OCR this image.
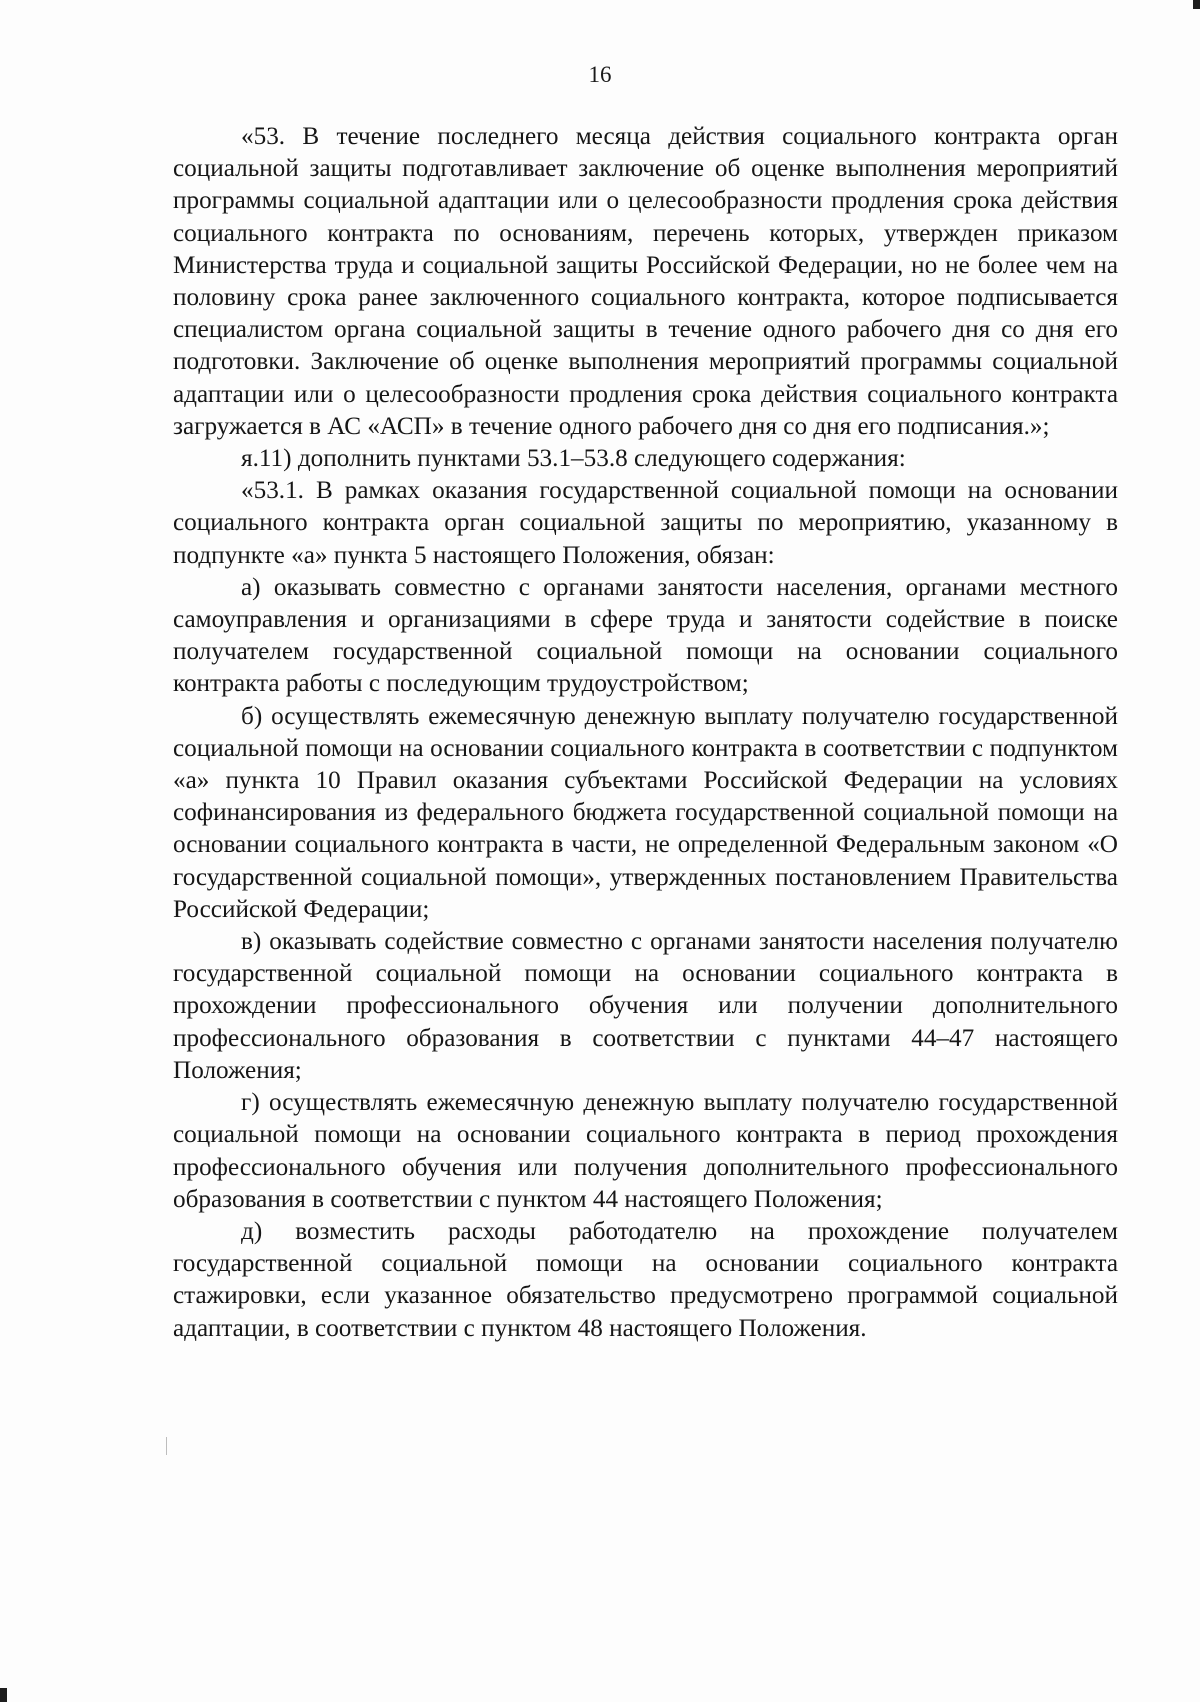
16

«53. В течение последнего месяца действия социального контракта орган социальной защиты подготавливает заключение об оценке выполнения мероприятий программы социальной адаптации или о целесообразности продления срока действия социального контракта по основаниям, перечень которых, утвержден приказом Министерства труда и социальной защиты Российской Федерации, но не более чем на половину срока ранее заключенного социального контракта, которое подписывается специалистом органа социальной защиты в течение одного рабочего дня со дня его подготовки. Заключение об оценке выполнения мероприятий программы социальной адаптации или о целесообразности продления срока действия социального контракта загружается в АС «АСП» в течение одного рабочего дня со дня его подписания.»;

я.11) дополнить пунктами 53.1–53.8 следующего содержания:

«53.1. В рамках оказания государственной социальной помощи на основании социального контракта орган социальной защиты по мероприятию, указанному в подпункте «а» пункта 5 настоящего Положения, обязан:

а) оказывать совместно с органами занятости населения, органами местного самоуправления и организациями в сфере труда и занятости содействие в поиске получателем государственной социальной помощи на основании социального контракта работы с последующим трудоустройством;

б) осуществлять ежемесячную денежную выплату получателю государственной социальной помощи на основании социального контракта в соответствии с подпунктом «а» пункта 10 Правил оказания субъектами Российской Федерации на условиях софинансирования из федерального бюджета государственной социальной помощи на основании социального контракта в части, не определенной Федеральным законом «О государственной социальной помощи», утвержденных постановлением Правительства Российской Федерации;

в) оказывать содействие совместно с органами занятости населения получателю государственной социальной помощи на основании социального контракта в прохождении профессионального обучения или получении дополнительного профессионального образования в соответствии с пунктами 44–47 настоящего Положения;

г) осуществлять ежемесячную денежную выплату получателю государственной социальной помощи на основании социального контракта в период прохождения профессионального обучения или получения дополнительного профессионального образования в соответствии с пунктом 44 настоящего Положения;

д) возместить расходы работодателю на прохождение получателем государственной социальной помощи на основании социального контракта стажировки, если указанное обязательство предусмотрено программой социальной адаптации, в соответствии с пунктом 48 настоящего Положения.
